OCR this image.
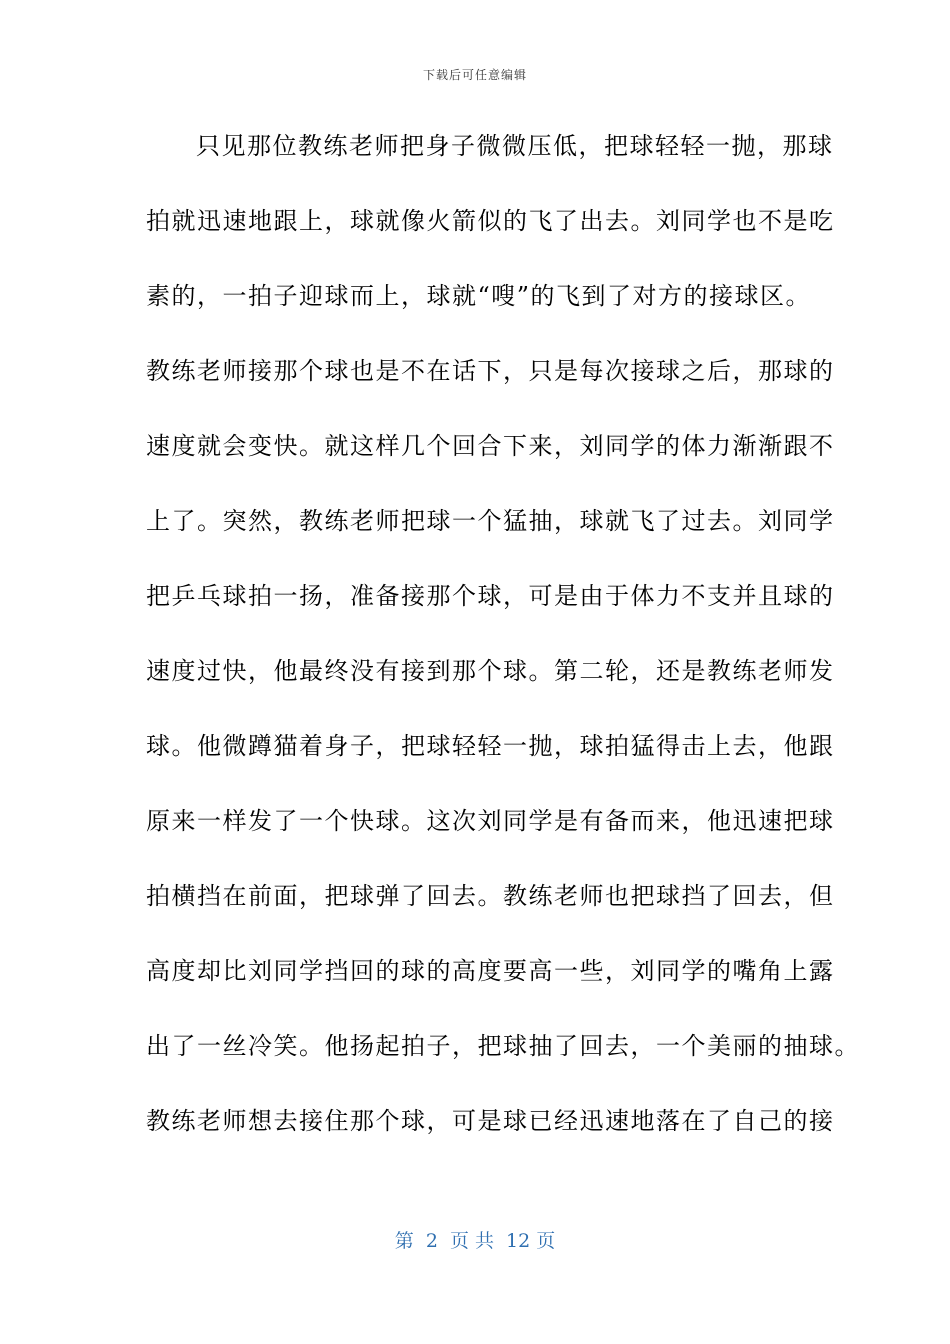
下载后可任意编辑
只见那位教练老师把身子微微压低，把球轻轻一抛，那球
拍就迅速地跟上，球就像火箭似的飞了出去。刘同学也不是吃
素的，一拍子迎球而上，球就“嗖”的飞到了对方的接球区。
教练老师接那个球也是不在话下，只是每次接球之后，那球的
速度就会变快。就这样几个回合下来，刘同学的体力渐渐跟不
上了。突然，教练老师把球一个猛抽，球就飞了过去。刘同学
把乒乓球拍一扬，准备接那个球，可是由于体力不支并且球的
速度过快，他最终没有接到那个球。第二轮，还是教练老师发
球。他微蹲猫着身子，把球轻轻一抛，球拍猛得击上去，他跟
原来一样发了一个快球。这次刘同学是有备而来，他迅速把球
拍横挡在前面，把球弹了回去。教练老师也把球挡了回去，但
高度却比刘同学挡回的球的高度要高一些，刘同学的嘴角上露
出了一丝冷笑。他扬起拍子，把球抽了回去，一个美丽的抽球。
教练老师想去接住那个球，可是球已经迅速地落在了自己的接
第 2 页 共 12 页
